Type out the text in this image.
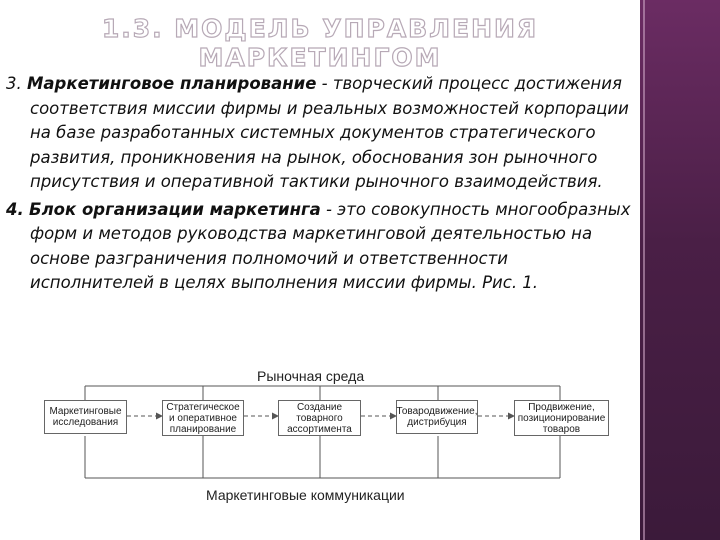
1.3. МОДЕЛЬ УПРАВЛЕНИЯ МАРКЕТИНГОМ

3. Маркетинговое планирование - творческий процесс достижения соответствия миссии фирмы и реальных возможностей корпорации на базе разработанных системных документов стратегического развития, проникновения на рынок, обоснования зон рыночного присутствия и оперативной тактики рыночного взаимодействия.

4. Блок организации маркетинга - это совокупность многообразных форм и методов руководства маркетинговой деятельностью на основе разграничения полномочий и ответственности исполнителей в целях выполнения миссии фирмы. Рис. 1.

Рыночная среда
Маркетинговые исследования
Стратегическое и оперативное планирование
Создание товарного ассортимента
Товародвижение, дистрибуция
Продвижение, позиционирование товаров
Маркетинговые коммуникации
